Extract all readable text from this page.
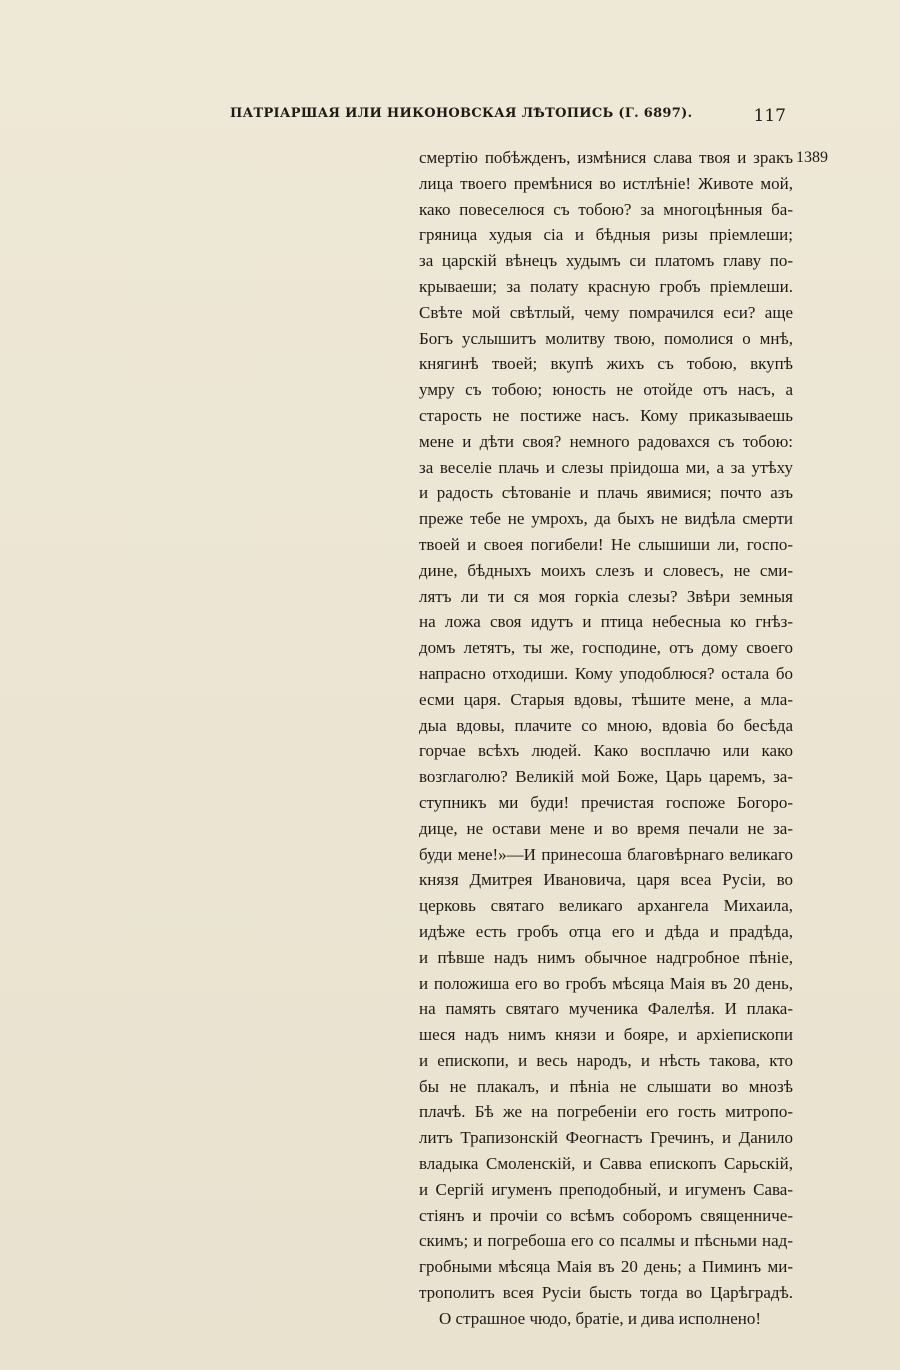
ПАТРІАРШАЯ ИЛИ НИКОНОВСКАЯ ЛѢТОПИСЬ (Г. 6897).	117
1389
смертію побѣжденъ, измѣнися слава твоя и зракъ
лица твоего премѣнися во истлѣніе! Животе мой,
како повеселюся съ тобою? за многоцѣнныя ба-
гряница худыя сіа и бѣдныя ризы пріемлеши;
за царскій вѣнецъ худымъ си платомъ главу по-
крываеши; за полату красную гробъ пріемлеши.
Свѣте мой свѣтлый, чему помрачился еси? аще
Богъ услышитъ молитву твою, помолися о мнѣ,
княгинѣ твоей; вкупѣ жихъ съ тобою, вкупѣ
умру съ тобою; юность не отойде отъ насъ, а
старость не постиже насъ. Кому приказываешь
мене и дѣти своя? немного радовахся съ тобою:
за веселіе плачь и слезы пріидоша ми, а за утѣху
и радость сѣтованіе и плачь явимися; почто азъ
преже тебе не умрохъ, да быхъ не видѣла смерти
твоей и своея погибели! Не слышиши ли, госпо-
дине, бѣдныхъ моихъ слезъ и словесъ, не сми-
лятъ ли ти ся моя горкіа слезы? Звѣри земныя
на ложа своя идутъ и птица небесныа ко гнѣз-
домъ летятъ, ты же, господине, отъ дому своего
напрасно отходиши. Кому уподоблюся? остала бо
есми царя. Старыя вдовы, тѣшите мене, а мла-
дыа вдовы, плачите со мною, вдовіа бо бесѣда
горчае всѣхъ людей. Како восплачю или како
возглаголю? Великій мой Боже, Царь царемъ, за-
ступникъ ми буди! пречистая госпоже Богоро-
дице, не остави мене и во время печали не за-
буди мене!»—И принесоша благовѣрнаго великаго
князя Дмитрея Ивановича, царя всеа Русіи, во
церковь святаго великаго архангела Михаила,
идѣже есть гробъ отца его и дѣда и прадѣда,
и пѣвше надъ нимъ обычное надгробное пѣніе,
и положиша его во гробъ мѣсяца Маія въ 20 день,
на память святаго мученика Фалелѣя. И плака-
шеся надъ нимъ князи и бояре, и архіепископи
и епископи, и весь народъ, и нѣсть такова, кто
бы не плакалъ, и пѣніа не слышати во мнозѣ
плачѣ. Бѣ же на погребеніи его гость митропо-
литъ Трапизонскій Феогнастъ Гречинъ, и Данило
владыка Смоленскій, и Савва епископъ Сарьскій,
и Сергій игуменъ преподобный, и игуменъ Сава-
стіянъ и прочіи со всѣмъ соборомъ священниче-
скимъ; и погребоша его со псалмы и пѣсньми над-
гробными мѣсяца Маія въ 20 день; а Пиминъ ми-
трополитъ всея Русіи бысть тогда во Царѣградѣ.
О страшное чюдо, братіе, и дива исполнено!
